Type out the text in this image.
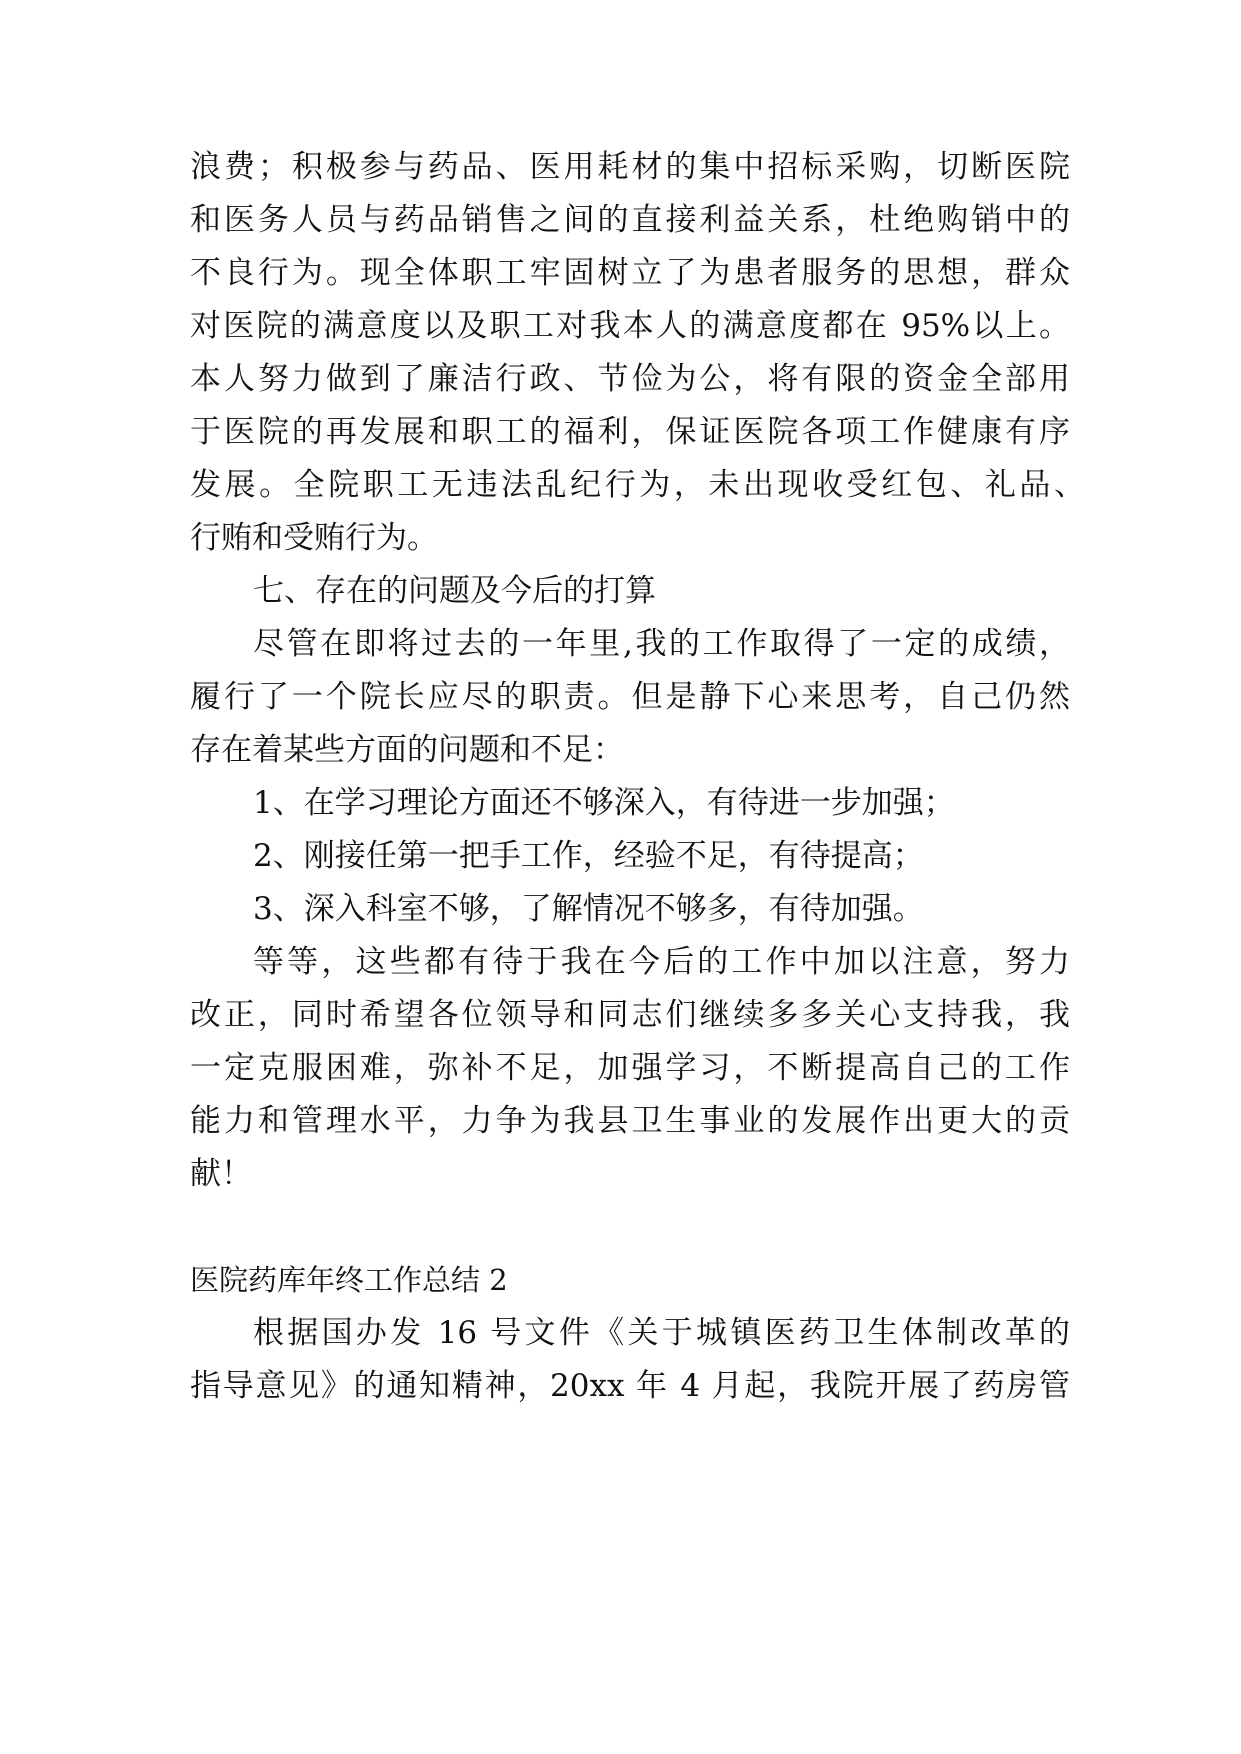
浪费；积极参与药品、医用耗材的集中招标采购，切断医院
和医务人员与药品销售之间的直接利益关系，杜绝购销中的
不良行为。现全体职工牢固树立了为患者服务的思想，群众
对医院的满意度以及职工对我本人的满意度都在 95%以上。
本人努力做到了廉洁行政、节俭为公，将有限的资金全部用
于医院的再发展和职工的福利，保证医院各项工作健康有序
发展。全院职工无违法乱纪行为，未出现收受红包、礼品、
行贿和受贿行为。
七、存在的问题及今后的打算
尽管在即将过去的一年里,我的工作取得了一定的成绩，
履行了一个院长应尽的职责。但是静下心来思考，自己仍然
存在着某些方面的问题和不足：
1、在学习理论方面还不够深入，有待进一步加强；
2、刚接任第一把手工作，经验不足，有待提高；
3、深入科室不够，了解情况不够多，有待加强。
等等，这些都有待于我在今后的工作中加以注意，努力
改正，同时希望各位领导和同志们继续多多关心支持我，我
一定克服困难，弥补不足，加强学习，不断提高自己的工作
能力和管理水平，力争为我县卫生事业的发展作出更大的贡
献！
医院药库年终工作总结 2
根据国办发 16 号文件《关于城镇医药卫生体制改革的
指导意见》的通知精神，20xx 年 4 月起，我院开展了药房管
